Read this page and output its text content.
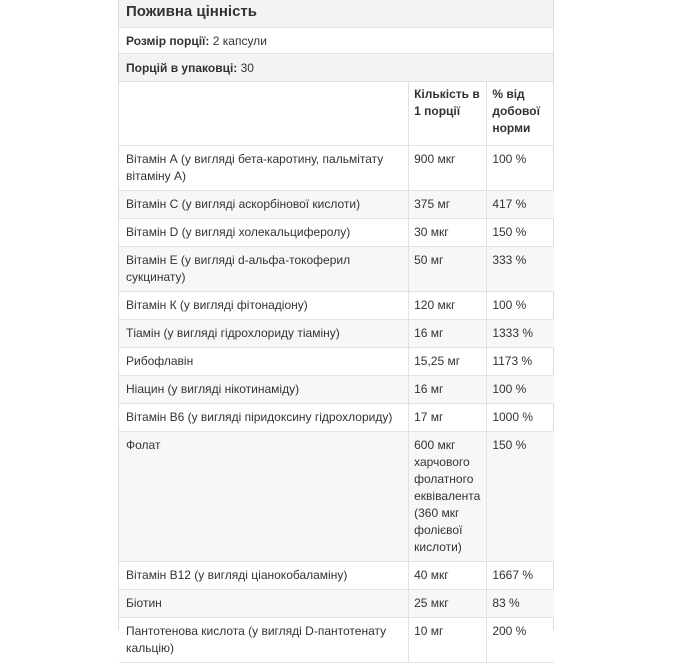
Поживна цінність
Розмір порції: 2 капсули
Порцій в упаковці: 30
	Кількість в 1 порції	% від добової норми
Вітамін А (у вигляді бета-каротину, пальмітату вітаміну А)	900 мкг	100 %
Вітамін С (у вигляді аскорбінової кислоти)	375 мг	417 %
Вітамін D (у вигляді холекальциферолу)	30 мкг	150 %
Вітамін Е (у вигляді d-альфа-токоферил сукцинату)	50 мг	333 %
Вітамін К (у вигляді фітонадіону)	120 мкг	100 %
Тіамін (у вигляді гідрохлориду тіаміну)	16 мг	1333 %
Рибофлавін	15,25 мг	1173 %
Ніацин (у вигляді нікотинаміду)	16 мг	100 %
Вітамін В6 (у вигляді піридоксину гідрохлориду)	17 мг	1000 %
Фолат	600 мкг харчового фолатного еквівалента (360 мкг фолієвої кислоти)	150 %
Вітамін В12 (у вигляді ціанокобаламіну)	40 мкг	1667 %
Біотин	25 мкг	83 %
Пантотенова кислота (у вигляді D-пантотенату кальцію)	10 мг	200 %
